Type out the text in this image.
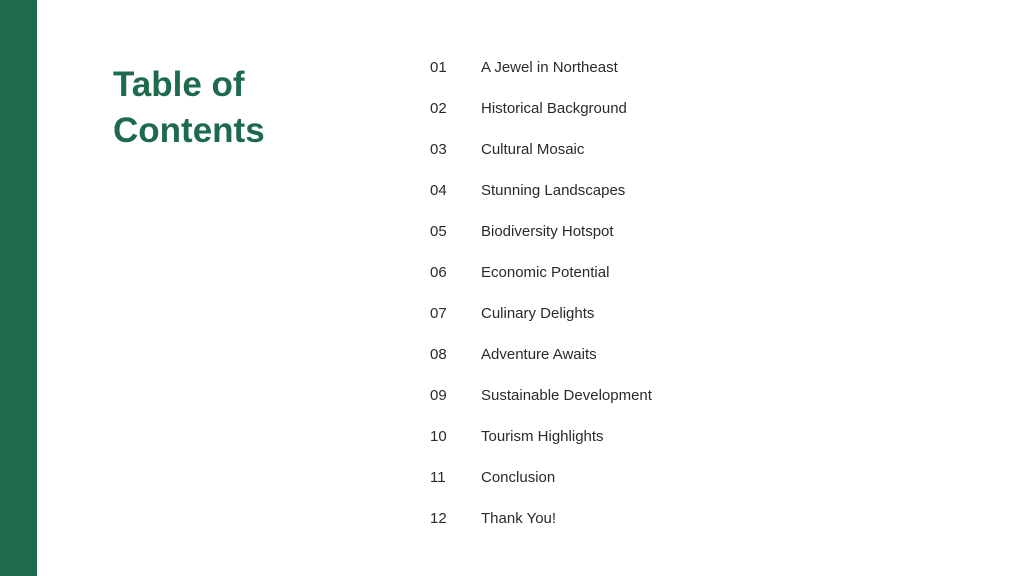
Table of
Contents
01	A Jewel in Northeast
02	Historical Background
03	Cultural Mosaic
04	Stunning Landscapes
05	Biodiversity Hotspot
06	Economic Potential
07	Culinary Delights
08	Adventure Awaits
09	Sustainable Development
10	Tourism Highlights
11	Conclusion
12	Thank You!
